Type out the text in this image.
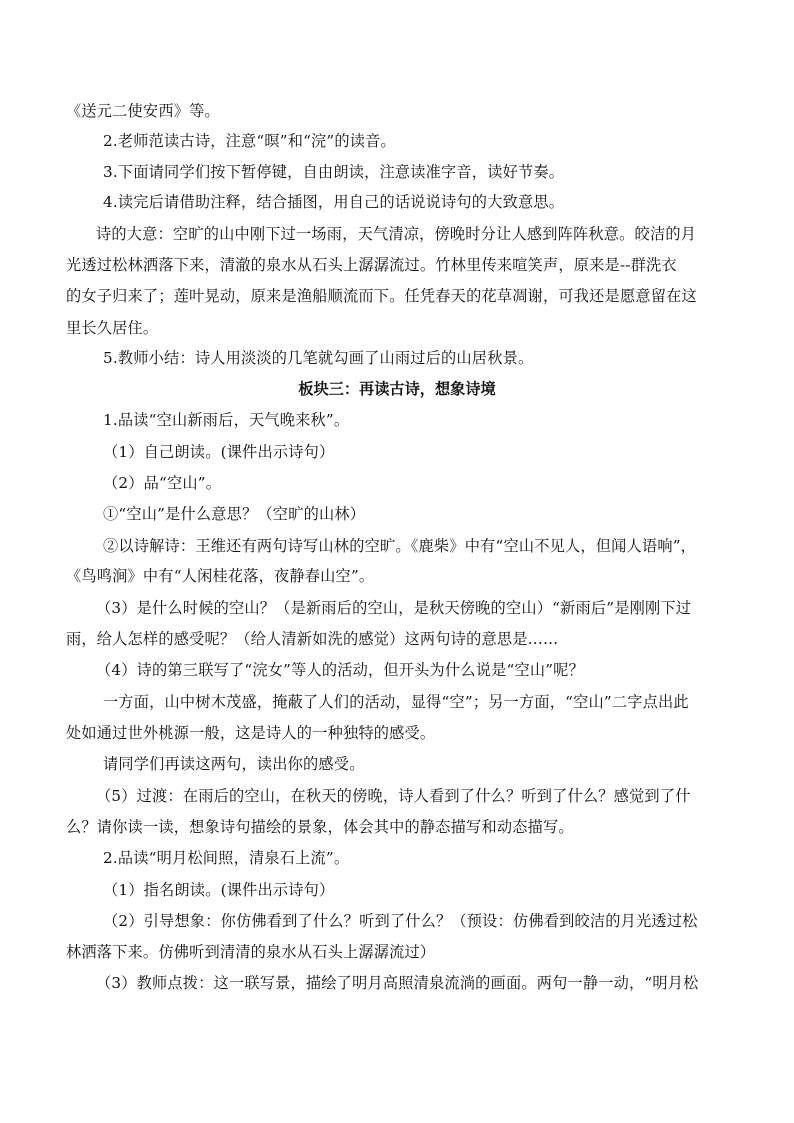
《送元二使安西》等。
2.老师范读古诗，注意“暝”和“浣”的读音。
3.下面请同学们按下暂停键，自由朗读，注意读准字音，读好节奏。
4.读完后请借助注释，结合插图，用自己的话说说诗句的大致意思。
诗的大意：空旷的山中刚下过一场雨，天气清凉，傍晚时分让人感到阵阵秋意。皎洁的月
光透过松林洒落下来，清澈的泉水从石头上潺潺流过。竹林里传来喧笑声，原来是--群洗衣
的女子归来了；莲叶晃动，原来是渔船顺流而下。任凭春天的花草凋谢，可我还是愿意留在这
里长久居住。
5.教师小结：诗人用淡淡的几笔就勾画了山雨过后的山居秋景。
板块三：再读古诗，想象诗境
1.品读“空山新雨后，天气晚来秋”。
（1）自己朗读。(课件出示诗句）
（2）品“空山”。
①“空山”是什么意思？（空旷的山林）
②以诗解诗：王维还有两句诗写山林的空旷。《鹿柴》中有“空山不见人，但闻人语响”，
《鸟鸣涧》中有“人闲桂花落，夜静春山空”。
（3）是什么时候的空山？（是新雨后的空山，是秋天傍晚的空山）“新雨后”是刚刚下过
雨，给人怎样的感受呢？（给人清新如洗的感觉）这两句诗的意思是……
（4）诗的第三联写了“浣女”等人的活动，但开头为什么说是“空山”呢？
一方面，山中树木茂盛，掩蔽了人们的活动，显得“空”；另一方面，“空山”二字点出此
处如通过世外桃源一般，这是诗人的一种独特的感受。
请同学们再读这两句，读出你的感受。
（5）过渡：在雨后的空山，在秋天的傍晚，诗人看到了什么？听到了什么？感觉到了什
么？请你读一读，想象诗句描绘的景象，体会其中的静态描写和动态描写。
2.品读“明月松间照，清泉石上流”。
（1）指名朗读。(课件出示诗句）
（2）引导想象：你仿佛看到了什么？听到了什么？（预设：仿佛看到皎洁的月光透过松
林洒落下来。仿佛听到清清的泉水从石头上潺潺流过）
（3）教师点拨：这一联写景，描绘了明月高照清泉流淌的画面。两句一静一动，“明月松
